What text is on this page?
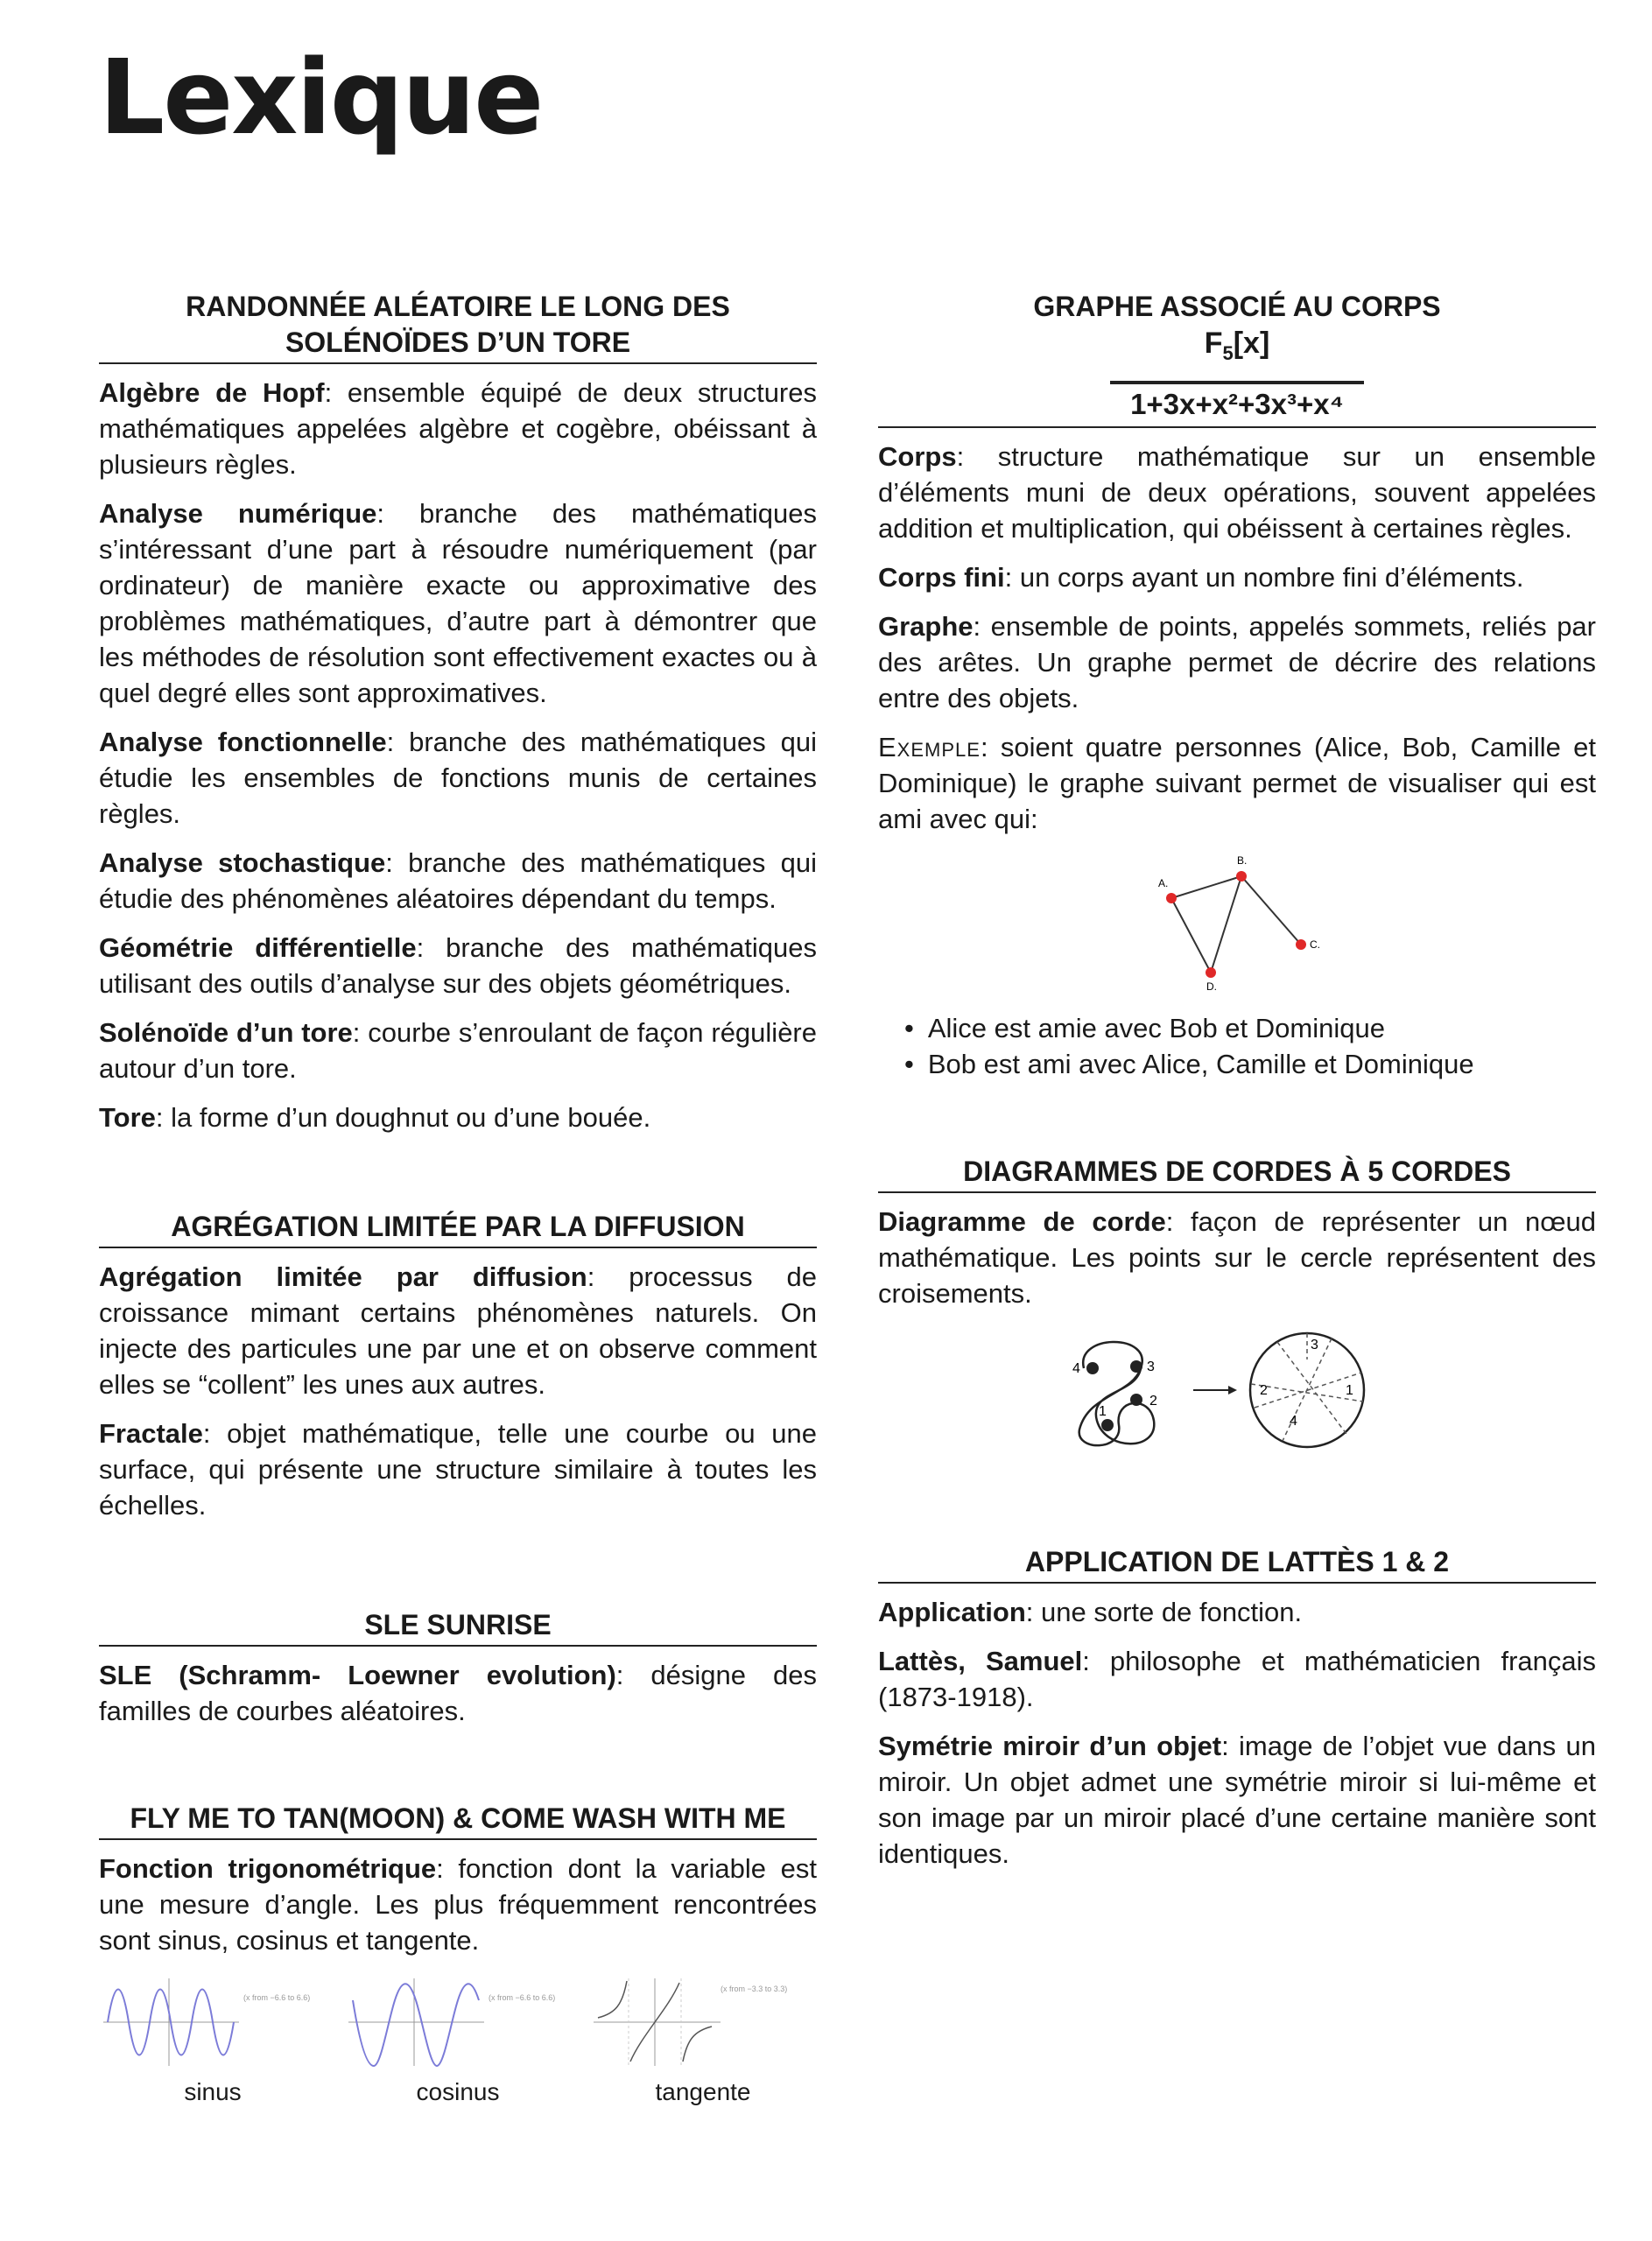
Lexique
RANDONNÉE ALÉATOIRE LE LONG DES
SOLÉNOÏDES D’UN TORE

Algèbre de Hopf: ensemble équipé de deux structures mathématiques appelées algèbre et cogèbre, obéissant à plusieurs règles.

Analyse numérique: branche des mathématiques s’intéressant d’une part à résoudre numériquement (par ordinateur) de manière exacte ou approximative des problèmes mathématiques, d’autre part à démontrer que les méthodes de résolution sont effectivement exactes ou à quel degré elles sont approximatives.

Analyse fonctionnelle: branche des mathématiques qui étudie les ensembles de fonctions munis de certaines règles.

Analyse stochastique: branche des mathématiques qui étudie des phénomènes aléatoires dépendant du temps.

Géométrie différentielle: branche des mathématiques utilisant des outils d’analyse sur des objets géométriques.

Solénoïde d’un tore: courbe s’enroulant de façon régulière autour d’un tore.

Tore: la forme d’un doughnut ou d’une bouée.

AGRÉGATION LIMITÉE PAR LA DIFFUSION

Agrégation limitée par diffusion: processus de croissance mimant certains phénomènes naturels. On injecte des particules une par une et on observe comment elles se “collent” les unes aux autres.

Fractale: objet mathématique, telle une courbe ou une surface, qui présente une structure similaire à toutes les échelles.

SLE SUNRISE

SLE (Schramm- Loewner evolution): désigne des familles de courbes aléatoires.

FLY ME TO TAN(MOON) & COME WASH WITH ME

Fonction trigonométrique: fonction dont la variable est une mesure d’angle. Les plus fréquemment rencontrées sont sinus, cosinus et tangente.

(x from −6.6 to 6.6)
sinus
(x from −6.6 to 6.6)
cosinus
(x from −3.3 to 3.3)
tangente
GRAPHE ASSOCIÉ AU CORPS
$F_5[x]$
1+3x+x²+3x³+x⁴

Corps: structure mathématique sur un ensemble d’éléments muni de deux opérations, souvent appelées addition et multiplication, qui obéissent à certaines règles.

Corps fini: un corps ayant un nombre fini d’éléments.

Graphe: ensemble de points, appelés sommets, reliés par des arêtes. Un graphe permet de décrire des relations entre des objets.

Exemple: soient quatre personnes (Alice, Bob, Camille et Dominique) le graphe suivant permet de visualiser qui est ami avec qui:

A.
B.
C.
D.
• Alice est amie avec Bob et Dominique
• Bob est ami avec Alice, Camille et Dominique
DIAGRAMMES DE CORDES À 5 CORDES

Diagramme de corde: façon de représenter un nœud mathématique. Les points sur le cercle représentent des croisements.

4	3
1
2
3
2	1
4
APPLICATION DE LATTÈS 1 & 2

Application: une sorte de fonction.

Lattès, Samuel: philosophe et mathématicien français (1873-1918).

Symétrie miroir d’un objet: image de l’objet vue dans un miroir. Un objet admet une symétrie miroir si lui-même et son image par un miroir placé d’une certaine manière sont identiques.
